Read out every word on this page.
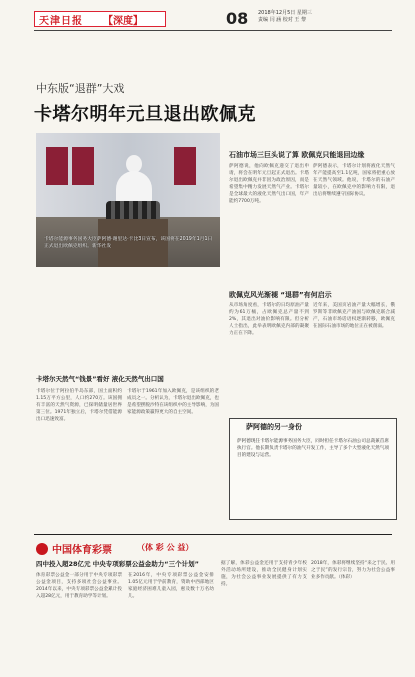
天津日报 【深度】	08 2018年12月5日 星期三
责编 闫 涵 校对 王 黎
中东版“退群”大戏
卡塔尔明年元旦退出欧佩克
卡塔尔能源事务国务大臣萨阿德·谢里达·卡比3日宣布，该国将在2019年1月1日正式退出欧佩克组织。新华社发
石油市场三巨头说了算 欧佩克只能退回边缘
萨阿德说，他向欧佩克递交了退出申请，将会在明年元旦起正式退出。卡塔尔退出欧佩克并非因为政治原因，而是希望集中精力发展天然气产业。卡塔尔是全球最大的液化天然气出口国，年产能约7700万吨。
萨阿德表示，卡塔尔计划将液化天然气年产能提高至1.1亿吨，国家将把重心放在天然气领域。他说，卡塔尔的石油产量较小，在欧佩克中的影响力有限，退出后将继续遵守国际协议。
欧佩克风光渐褪 “退群”有何启示
从市场角度看，卡塔尔的日均原油产量约为61万桶，占欧佩克总产量不到2%，其退出对油价影响有限。但分析人士指出，此举表明欧佩克内部的凝聚力正在下降。
近年来，美国页岩油产量大幅增长，俄罗斯等非欧佩克产油国与欧佩克联合减产，石油市场话语权逐渐转移，欧佩克在国际石油市场的地位正在被削弱。
卡塔尔天然气“钱景”看好 液化天然气出口国
卡塔尔位于阿拉伯半岛东部，国土面积约1.15万平方公里，人口约270万。该国拥有丰富的天然气资源，已探明储量居世界第三位。1971年独立后，卡塔尔凭借能源出口迅速致富。
卡塔尔于1961年加入欧佩克，是该组织的老成员之一。分析认为，卡塔尔退出欧佩克，也是希望摆脱沙特在该组织中的主导影响，为国家能源政策赢得更大的自主空间。
萨阿德的另一身份
萨阿德现任卡塔尔能源事务国务大臣，同时担任卡塔尔石油公司总裁兼首席执行官。他长期负责卡塔尔的油气开发工作，主导了多个大型液化天然气项目的建设与运营。
中国体育彩票	（体 彩 公 益）
四中投入超28亿元 中央专项彩票公益金助力“三个计划”
体育彩票公益金一部分用于中央专项彩票公益金项目，支持多项社会公益事业。2014年以来，中央专项彩票公益金累计投入超28亿元，用于教育助学等计划。
在2016年，中央专项彩票公益金安排1.05亿元用于学前教育，资助中西部地区家庭经济困难儿童入园，惠及数十万名幼儿。
据了解，体彩公益金还用于支持青少年校外活动场所建设，推动全民健身计划实施，为社会公益事业发展提供了有力支持。
2018年，体彩将继续坚持“来之于民、用之于民”的发行宗旨，努力为社会公益事业多作贡献。（体彩）
